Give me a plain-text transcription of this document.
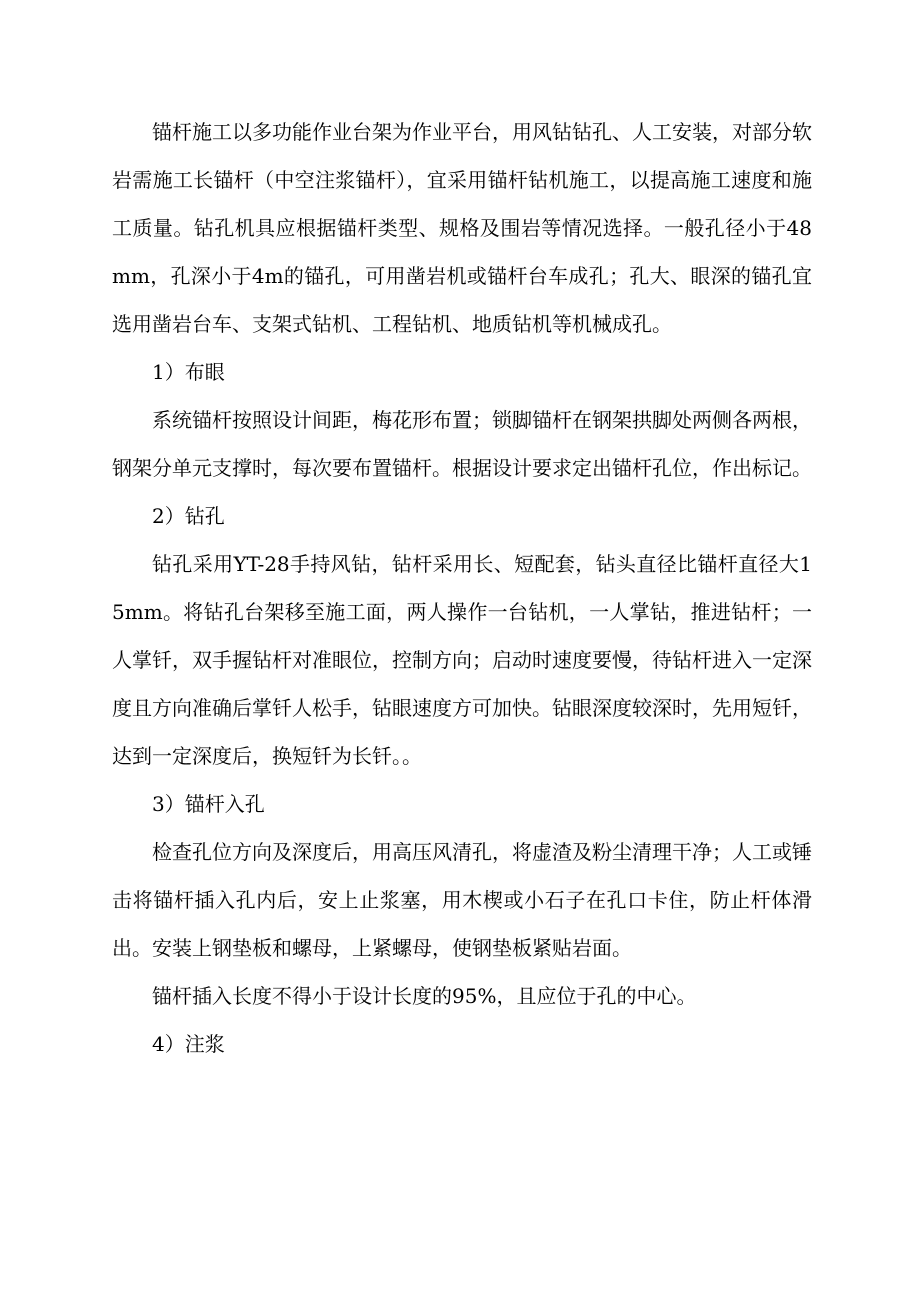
锚杆施工以多功能作业台架为作业平台，用风钻钻孔、人工安装，对部分软岩需施工长锚杆（中空注浆锚杆），宜采用锚杆钻机施工，以提高施工速度和施工质量。钻孔机具应根据锚杆类型、规格及围岩等情况选择。一般孔径小于48mm，孔深小于4m的锚孔，可用凿岩机或锚杆台车成孔；孔大、眼深的锚孔宜选用凿岩台车、支架式钻机、工程钻机、地质钻机等机械成孔。

1）布眼

系统锚杆按照设计间距，梅花形布置；锁脚锚杆在钢架拱脚处两侧各两根，钢架分单元支撑时，每次要布置锚杆。根据设计要求定出锚杆孔位，作出标记。

2）钻孔

钻孔采用YT-28手持风钻，钻杆采用长、短配套，钻头直径比锚杆直径大15mm。将钻孔台架移至施工面，两人操作一台钻机，一人掌钻，推进钻杆；一人掌钎，双手握钻杆对准眼位，控制方向；启动时速度要慢，待钻杆进入一定深度且方向准确后掌钎人松手，钻眼速度方可加快。钻眼深度较深时，先用短钎，达到一定深度后，换短钎为长钎。。

3）锚杆入孔

检查孔位方向及深度后，用高压风清孔，将虚渣及粉尘清理干净；人工或锤击将锚杆插入孔内后，安上止浆塞，用木楔或小石子在孔口卡住，防止杆体滑出。安装上钢垫板和螺母，上紧螺母，使钢垫板紧贴岩面。

锚杆插入长度不得小于设计长度的95%，且应位于孔的中心。

4）注浆
